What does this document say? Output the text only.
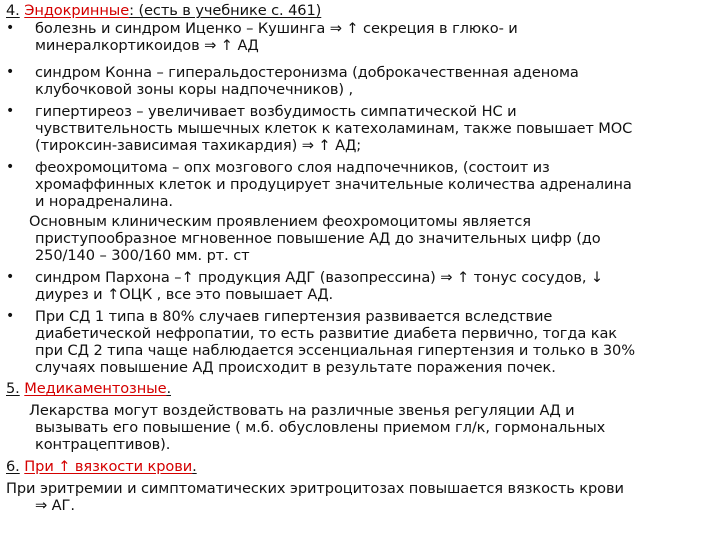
4. Эндокринные: (есть в учебнике с. 461)
• болезнь и синдром Иценко – Кушинга ⇒ ↑ секреция в глюко- и
минералкортикоидов ⇒ ↑ АД
• синдром Конна – гиперальдостеронизма (доброкачественная аденома
клубочковой зоны коры надпочечников) ,
• гипертиреоз – увеличивает возбудимость симпатической НС и
чувствительность мышечных клеток к катехоламинам, также повышает МОС
(тироксин-зависимая тахикардия) ⇒ ↑ АД;
• феохромоцитома – опх мозгового слоя надпочечников, (состоит из
хромаффинных клеток и продуцирует значительные количества адреналина
и норадреналина.
Основным клиническим проявлением феохромоцитомы является
приступообразное мгновенное повышение АД до значительных цифр (до
250/140 – 300/160 мм. рт. ст
• синдром Пархона –↑ продукция АДГ (вазопрессина) ⇒ ↑ тонус сосудов, ↓
диурез и ↑ОЦК , все это повышает АД.
• При СД 1 типа в 80% случаев гипертензия развивается вследствие
диабетической нефропатии, то есть развитие диабета первично, тогда как
при СД 2 типа чаще наблюдается эссенциальная гипертензия и только в 30%
случаях повышение АД происходит в результате поражения почек.
5. Медикаментозные.
Лекарства могут воздействовать на различные звенья регуляции АД и
вызывать его повышение ( м.б. обусловлены приемом гл/к, гормональных
контрацептивов).
6. При ↑ вязкости крови.
При эритремии и симптоматических эритроцитозах повышается вязкость крови
⇒ АГ.
